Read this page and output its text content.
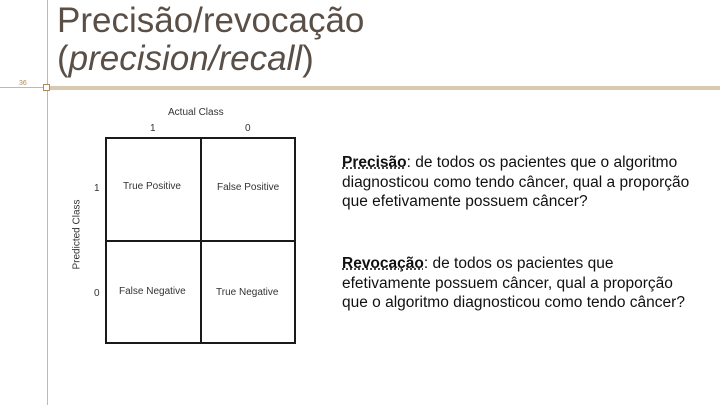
36
Precisão/revocação
(precision/recall)
Actual Class
1	0
Predicted Class
1
0
True Positive	False Positive
False Negative	True Negative
Precisão: de todos os pacientes que o algoritmo diagnosticou como tendo câncer, qual a proporção que efetivamente possuem câncer?
Revocação: de todos os pacientes que efetivamente possuem câncer, qual a proporção que o algoritmo diagnosticou como tendo câncer?
